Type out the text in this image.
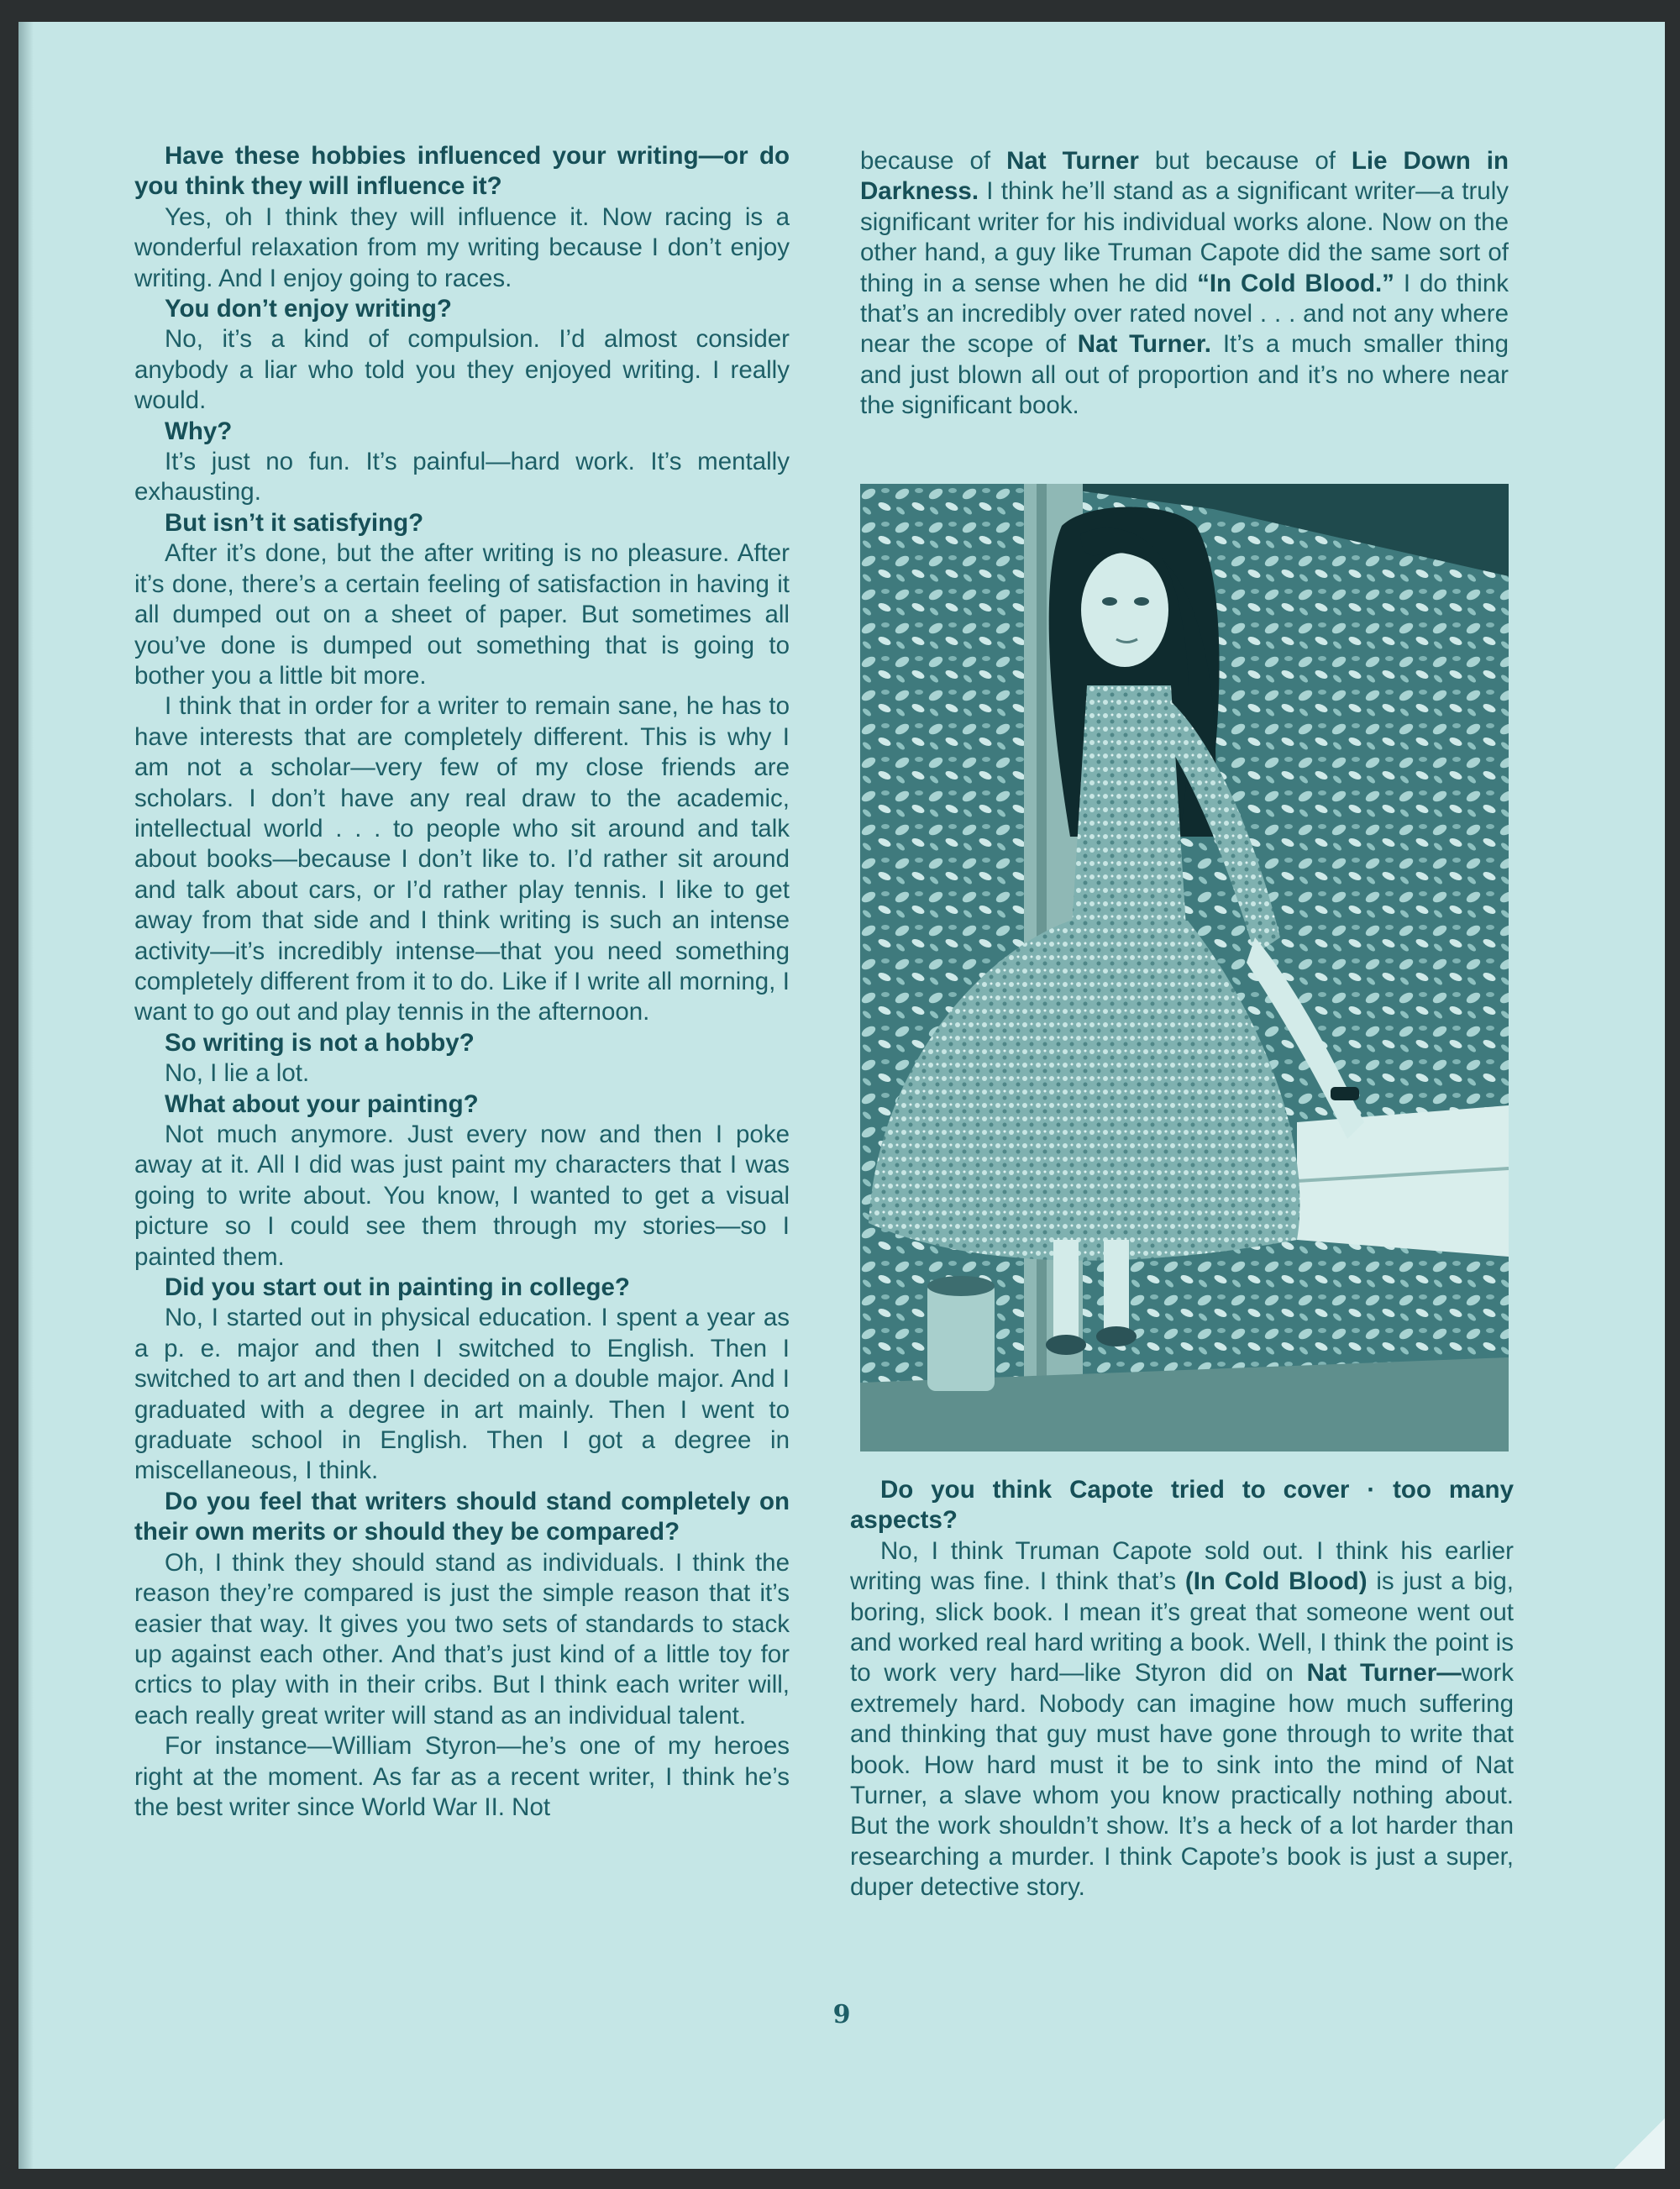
Have these hobbies influenced your writing—or do you think they will influence it?

Yes, oh I think they will influence it. Now racing is a wonderful relaxation from my writing because I don’t enjoy writing. And I enjoy going to races.

You don’t enjoy writing?

No, it’s a kind of compulsion. I’d almost consider anybody a liar who told you they enjoyed writing. I really would.

Why?

It’s just no fun. It’s painful—hard work. It’s mentally exhausting.

But isn’t it satisfying?

After it’s done, but the after writing is no pleasure. After it’s done, there’s a certain feeling of satisfaction in having it all dumped out on a sheet of paper. But sometimes all you’ve done is dumped out something that is going to bother you a little bit more.

I think that in order for a writer to remain sane, he has to have interests that are completely different. This is why I am not a scholar—very few of my close friends are scholars. I don’t have any real draw to the academic, intellectual world . . . to people who sit around and talk about books—because I don’t like to. I’d rather sit around and talk about cars, or I’d rather play tennis. I like to get away from that side and I think writing is such an intense activity—it’s incredibly intense—that you need something completely different from it to do. Like if I write all morning, I want to go out and play tennis in the afternoon.

So writing is not a hobby?

No, I lie a lot.

What about your painting?

Not much anymore. Just every now and then I poke away at it. All I did was just paint my characters that I was going to write about. You know, I wanted to get a visual picture so I could see them through my stories—so I painted them.

Did you start out in painting in college?

No, I started out in physical education. I spent a year as a p. e. major and then I switched to English. Then I switched to art and then I decided on a double major. And I graduated with a degree in art mainly. Then I went to graduate school in English. Then I got a degree in miscellaneous, I think.

Do you feel that writers should stand completely on their own merits or should they be compared?

Oh, I think they should stand as individuals. I think the reason they’re compared is just the simple reason that it’s easier that way. It gives you two sets of standards to stack up against each other. And that’s just kind of a little toy for crtics to play with in their cribs. But I think each writer will, each really great writer will stand as an individual talent.

For instance—William Styron—he’s one of my heroes right at the moment. As far as a recent writer, I think he’s the best writer since World War II. Not

because of Nat Turner but because of Lie Down in Darkness. I think he’ll stand as a significant writer—a truly significant writer for his individual works alone. Now on the other hand, a guy like Truman Capote did the same sort of thing in a sense when he did “In Cold Blood.” I do think that’s an incredibly over rated novel . . . and not any where near the scope of Nat Turner. It’s a much smaller thing and just blown all out of proportion and it’s no where near the significant book.

Do you think Capote tried to cover · too many aspects?

No, I think Truman Capote sold out. I think his earlier writing was fine. I think that’s (In Cold Blood) is just a big, boring, slick book. I mean it’s great that someone went out and worked real hard writing a book. Well, I think the point is to work very hard—like Styron did on Nat Turner—work extremely hard. Nobody can imagine how much suffering and thinking that guy must have gone through to write that book. How hard must it be to sink into the mind of Nat Turner, a slave whom you know practically nothing about. But the work shouldn’t show. It’s a heck of a lot harder than researching a murder. I think Capote’s book is just a super, duper detective story.

9
